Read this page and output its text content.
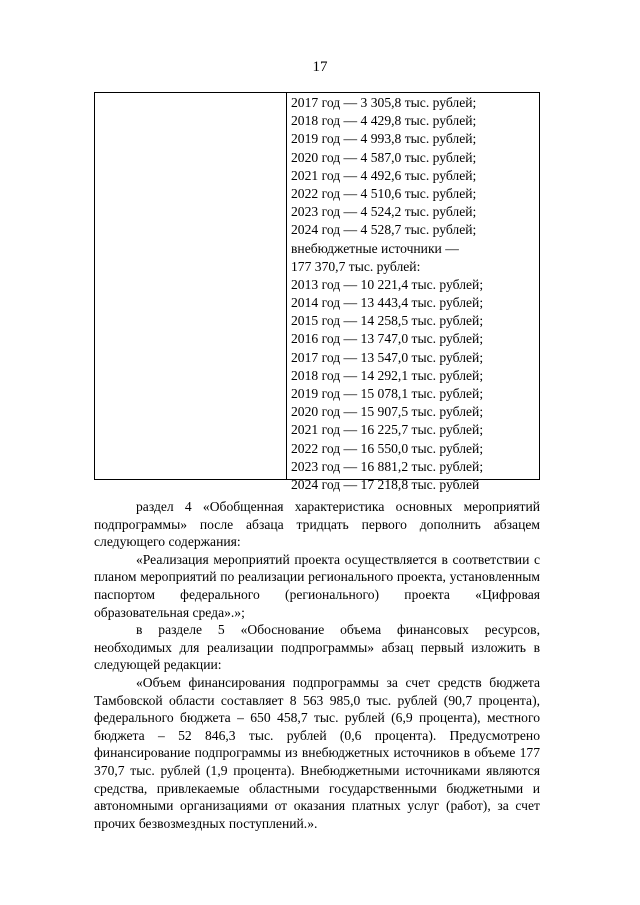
17
2017 год — 3 305,8 тыс. рублей;
2018 год — 4 429,8 тыс. рублей;
2019 год — 4 993,8 тыс. рублей;
2020 год — 4 587,0 тыс. рублей;
2021 год — 4 492,6 тыс. рублей;
2022 год — 4 510,6 тыс. рублей;
2023 год — 4 524,2 тыс. рублей;
2024 год — 4 528,7 тыс. рублей;
внебюджетные источники —
177 370,7 тыс. рублей:
2013 год — 10 221,4 тыс. рублей;
2014 год — 13 443,4 тыс. рублей;
2015 год — 14 258,5 тыс. рублей;
2016 год — 13 747,0 тыс. рублей;
2017 год — 13 547,0 тыс. рублей;
2018 год — 14 292,1 тыс. рублей;
2019 год — 15 078,1 тыс. рублей;
2020 год — 15 907,5 тыс. рублей;
2021 год — 16 225,7 тыс. рублей;
2022 год — 16 550,0 тыс. рублей;
2023 год — 16 881,2 тыс. рублей;
2024 год — 17 218,8 тыс. рублей

раздел 4 «Обобщенная характеристика основных мероприятий подпрограммы» после абзаца тридцать первого дополнить абзацем следующего содержания:

«Реализация мероприятий проекта осуществляется в соответствии с планом мероприятий по реализации регионального проекта, установленным паспортом федерального (регионального) проекта «Цифровая образовательная среда».»;

в разделе 5 «Обоснование объема финансовых ресурсов, необходимых для реализации подпрограммы» абзац первый изложить в следующей редакции:

«Объем финансирования подпрограммы за счет средств бюджета Тамбовской области составляет 8 563 985,0 тыс. рублей (90,7 процента), федерального бюджета – 650 458,7 тыс. рублей (6,9 процента), местного бюджета – 52 846,3 тыс. рублей (0,6 процента). Предусмотрено финансирование подпрограммы из внебюджетных источников в объеме 177 370,7 тыс. рублей (1,9 процента). Внебюджетными источниками являются средства, привлекаемые областными государственными бюджетными и автономными организациями от оказания платных услуг (работ), за счет прочих безвозмездных поступлений.».
